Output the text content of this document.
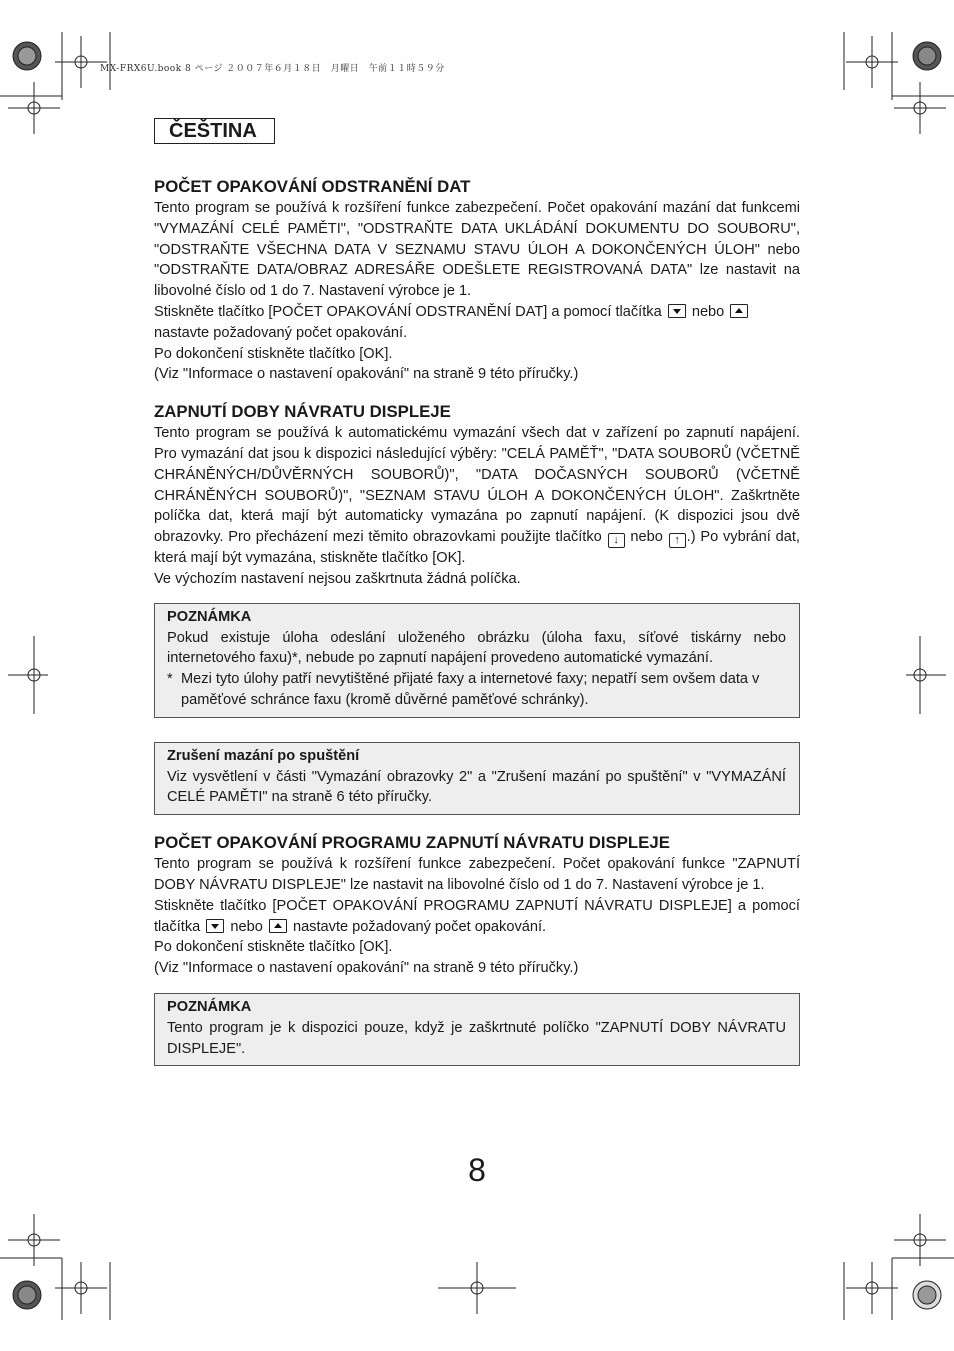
MX-FRX6U.book 8 ページ ２００７年６月１８日　月曜日　午前１１時５９分
ČEŠTINA
POČET OPAKOVÁNÍ ODSTRANĚNÍ DAT

Tento program se používá k rozšíření funkce zabezpečení. Počet opakování mazání dat funkcemi "VYMAZÁNÍ CELÉ PAMĚTI", "ODSTRAŇTE DATA UKLÁDÁNÍ DOKUMENTU DO SOUBORU", "ODSTRAŇTE VŠECHNA DATA V SEZNAMU STAVU ÚLOH A DOKONČENÝCH ÚLOH" nebo "ODSTRAŇTE DATA/OBRAZ ADRESÁŘE ODEŠLETE REGISTROVANÁ DATA" lze nastavit na libovolné číslo od 1 do 7. Nastavení výrobce je 1.

Stiskněte tlačítko [POČET OPAKOVÁNÍ ODSTRANĚNÍ DAT] a pomocí tlačítka nebo
nastavte požadovaný počet opakování.

Po dokončení stiskněte tlačítko [OK].

(Viz "Informace o nastavení opakování" na straně 9 této příručky.)

ZAPNUTÍ DOBY NÁVRATU DISPLEJE

Tento program se používá k automatickému vymazání všech dat v zařízení po zapnutí napájení. Pro vymazání dat jsou k dispozici následující výběry: "CELÁ PAMĚŤ", "DATA SOUBORŮ (VČETNĚ CHRÁNĚNÝCH/DŮVĚRNÝCH SOUBORŮ)", "DATA DOČASNÝCH SOUBORŮ (VČETNĚ CHRÁNĚNÝCH SOUBORŮ)", "SEZNAM STAVU ÚLOH A DOKONČENÝCH ÚLOH". Zaškrtněte políčka dat, která mají být automaticky vymazána po zapnutí napájení. (K dispozici jsou dvě obrazovky. Pro přecházení mezi těmito obrazovkami použijte tlačítko ↓ nebo ↑ .) Po vybrání dat, která mají být vymazána, stiskněte tlačítko [OK].

Ve výchozím nastavení nejsou zaškrtnuta žádná políčka.

POZNÁMKA

Pokud existuje úloha odeslání uloženého obrázku (úloha faxu, síťové tiskárny nebo internetového faxu)*, nebude po zapnutí napájení provedeno automatické vymazání.

* Mezi tyto úlohy patří nevytištěné přijaté faxy a internetové faxy; nepatří sem ovšem data v paměťové schránce faxu (kromě důvěrné paměťové schránky).
Zrušení mazání po spuštění

Viz vysvětlení v části "Vymazání obrazovky 2" a "Zrušení mazání po spuštění" v "VYMAZÁNÍ CELÉ PAMĚTI" na straně 6 této příručky.

POČET OPAKOVÁNÍ PROGRAMU ZAPNUTÍ NÁVRATU DISPLEJE

Tento program se používá k rozšíření funkce zabezpečení. Počet opakování funkce "ZAPNUTÍ DOBY NÁVRATU DISPLEJE" lze nastavit na libovolné číslo od 1 do 7. Nastavení výrobce je 1.

Stiskněte tlačítko [POČET OPAKOVÁNÍ PROGRAMU ZAPNUTÍ NÁVRATU DISPLEJE] a pomocí tlačítka nebo nastavte požadovaný počet opakování.

Po dokončení stiskněte tlačítko [OK].

(Viz "Informace o nastavení opakování" na straně 9 této příručky.)

POZNÁMKA

Tento program je k dispozici pouze, když je zaškrtnuté políčko "ZAPNUTÍ DOBY NÁVRATU DISPLEJE".

8
